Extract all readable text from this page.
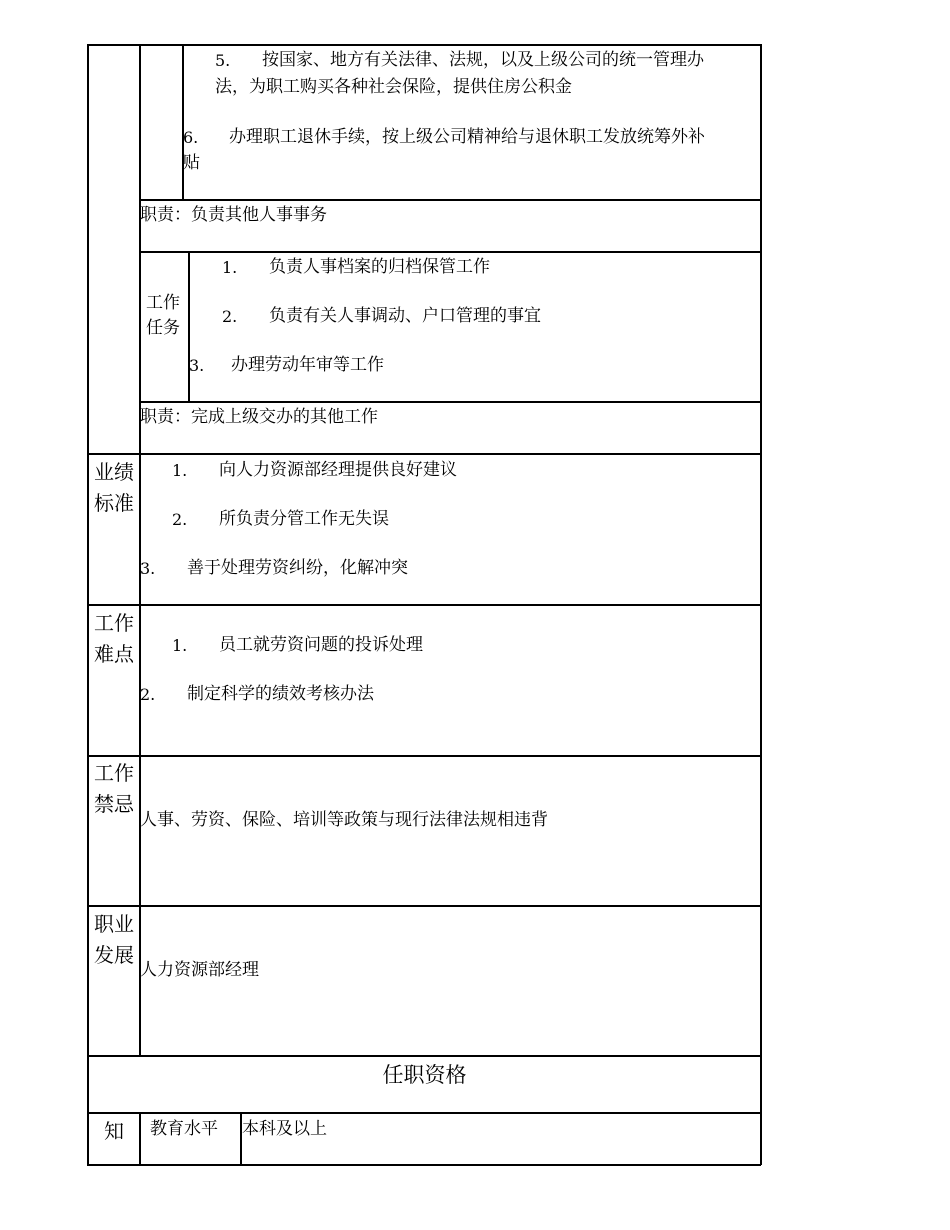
5. 按国家、地方有关法律、法规，以及上级公司的统一管理办
法，为职工购买各种社会保险，提供住房公积金
6. 办理职工退休手续，按上级公司精神给与退休职工发放统筹外补
贴
职责：负责其他人事事务
工作任务
1. 负责人事档案的归档保管工作
2. 负责有关人事调动、户口管理的事宜
3. 办理劳动年审等工作
职责：完成上级交办的其他工作
业绩标准
1. 向人力资源部经理提供良好建议
2. 所负责分管工作无失误
3. 善于处理劳资纠纷，化解冲突
工作难点	1. 员工就劳资问题的投诉处理
2. 制定科学的绩效考核办法
工作禁忌
人事、劳资、保险、培训等政策与现行法律法规相违背
职业发展
人力资源部经理
任职资格
知	教育水平 本科及以上
